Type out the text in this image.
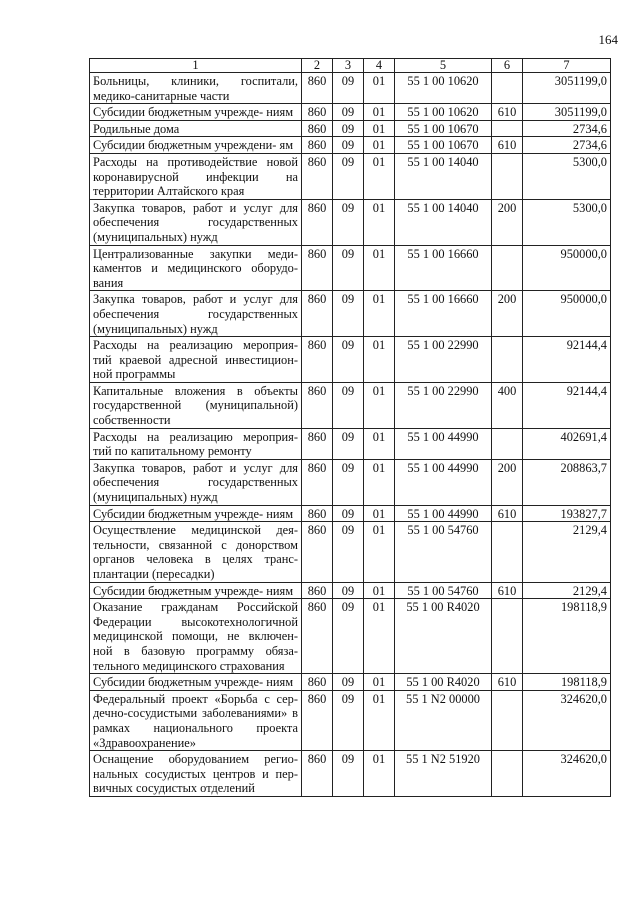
164
1	2	3	4	5	6	7
Больницы, клиники, госпитали, медико-санитарные части	860	09	01	55 1 00 10620		3051199,0
Субсидии бюджетным учрежде- ниям	860	09	01	55 1 00 10620	610	3051199,0
Родильные дома	860	09	01	55 1 00 10670		2734,6
Субсидии бюджетным учреждени- ям	860	09	01	55 1 00 10670	610	2734,6
Расходы на противодействие новой коронавирусной инфекции на территории Алтайского края	860	09	01	55 1 00 14040		5300,0
Закупка товаров, работ и услуг для обеспечения государственных (муниципальных) нужд	860	09	01	55 1 00 14040	200	5300,0
Централизованные закупки меди- каментов и медицинского оборудо- вания	860	09	01	55 1 00 16660		950000,0
Закупка товаров, работ и услуг для обеспечения государственных (муниципальных) нужд	860	09	01	55 1 00 16660	200	950000,0
Расходы на реализацию мероприя- тий краевой адресной инвестицион- ной программы	860	09	01	55 1 00 22990		92144,4
Капитальные вложения в объекты государственной (муниципальной) собственности	860	09	01	55 1 00 22990	400	92144,4
Расходы на реализацию мероприя- тий по капитальному ремонту	860	09	01	55 1 00 44990		402691,4
Закупка товаров, работ и услуг для обеспечения государственных (муниципальных) нужд	860	09	01	55 1 00 44990	200	208863,7
Субсидии бюджетным учрежде- ниям	860	09	01	55 1 00 44990	610	193827,7
Осуществление медицинской дея- тельности, связанной с донорством органов человека в целях транс- плантации (пересадки)	860	09	01	55 1 00 54760		2129,4
Субсидии бюджетным учрежде- ниям	860	09	01	55 1 00 54760	610	2129,4
Оказание гражданам Российской Федерации высокотехнологичной медицинской помощи, не включен- ной в базовую программу обяза- тельного медицинского страхования	860	09	01	55 1 00 R4020		198118,9
Субсидии бюджетным учрежде- ниям	860	09	01	55 1 00 R4020	610	198118,9
Федеральный проект «Борьба с сер- дечно-сосудистыми заболеваниями» в рамках национального проекта «Здравоохранение»	860	09	01	55 1 N2 00000		324620,0
Оснащение оборудованием регио- нальных сосудистых центров и пер- вичных сосудистых отделений	860	09	01	55 1 N2 51920		324620,0
